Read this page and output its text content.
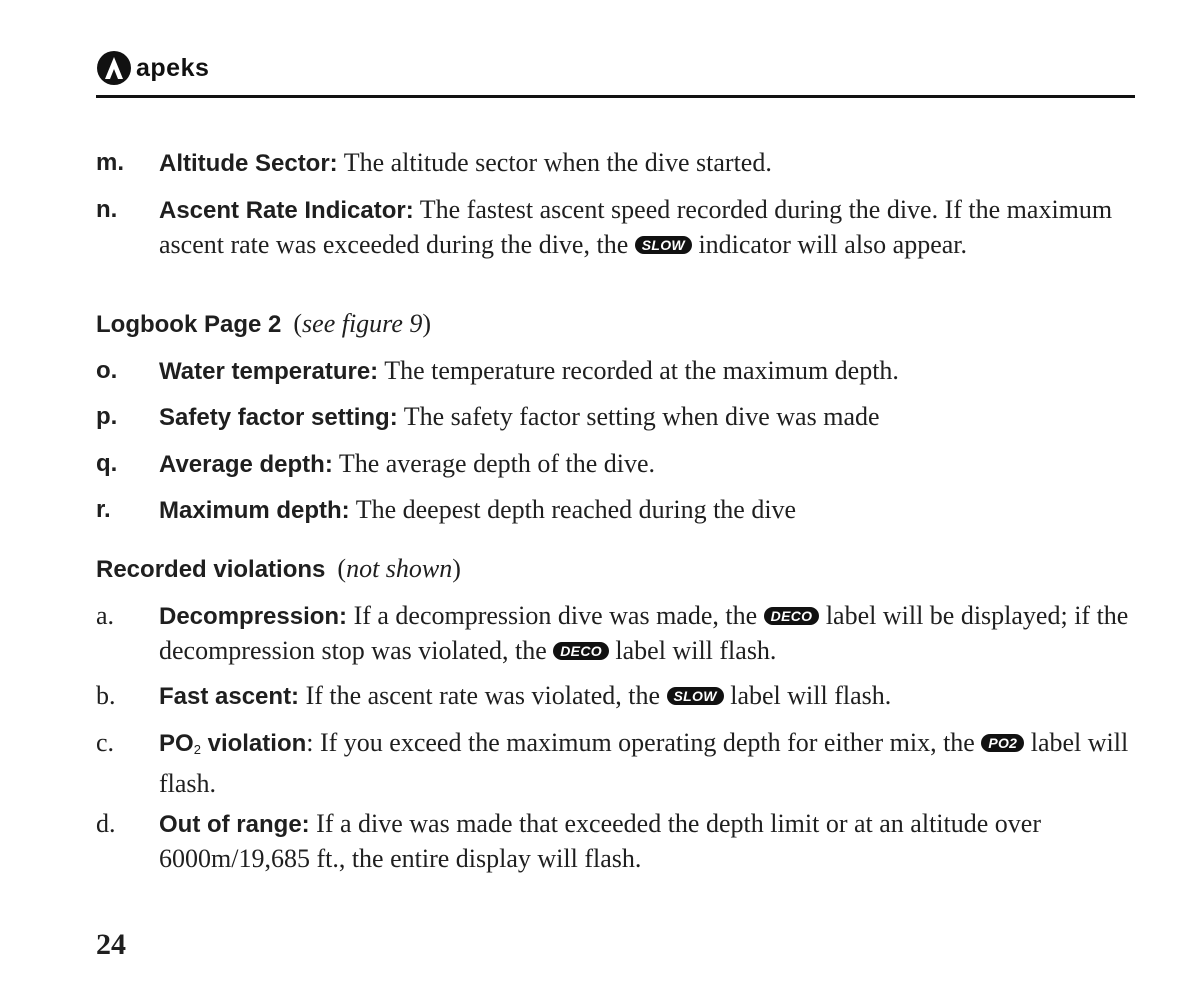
apeks
m. Altitude Sector: The altitude sector when the dive started.
n. Ascent Rate Indicator: The fastest ascent speed recorded during the dive. If the maximum ascent rate was exceeded during the dive, the SLOW indicator will also appear.
Logbook Page 2 (see figure 9)
o. Water temperature: The temperature recorded at the maximum depth.
p. Safety factor setting: The safety factor setting when dive was made
q. Average depth: The average depth of the dive.
r. Maximum depth: The deepest depth reached during the dive
Recorded violations (not shown)
a. Decompression: If a decompression dive was made, the DECO label will be displayed; if the decompression stop was violated, the DECO label will flash.
b. Fast ascent: If the ascent rate was violated, the SLOW label will flash.
c. $PO_2$ violation: If you exceed the maximum operating depth for either mix, the PO2 label will flash.
d. Out of range: If a dive was made that exceeded the depth limit or at an altitude over 6000m/19,685 ft., the entire display will flash.
24
